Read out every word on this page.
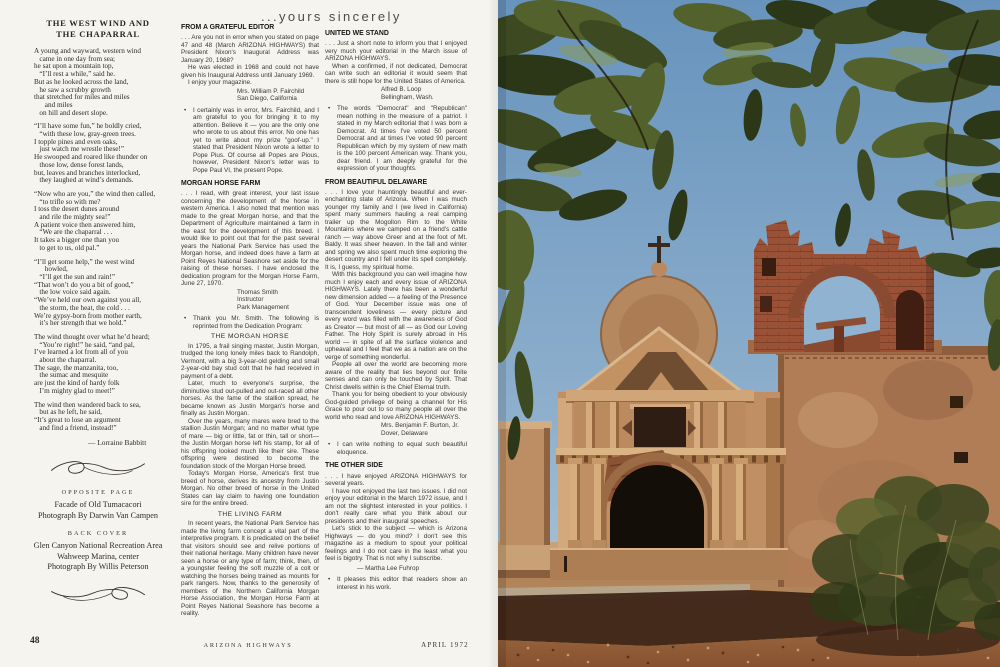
THE WEST WIND AND
THE CHAPARRAL
A young and wayward, western wind
came in one day from sea;
he sat upon a mountain top,
“I’ll rest a while,” said he.
But as he looked across the land,
he saw a scrubby growth
that stretched for miles and miles
and miles
on hill and desert slope.
“I’ll have some fun,” he boldly cried,
“with these low, gray-green trees.
I topple pines and even oaks,
just watch me wrestle these!”
He swooped and roared like thunder on
those low, dense forest lands,
but, leaves and branches interlocked,
they laughed at wind’s demands.
“Now who are you,” the wind then called,
“to trifle so with me?
I toss the desert dunes around
and rile the mighty sea!”
A patient voice then answered him,
“We are the chaparral . . .
It takes a bigger one than you
to get to us, old pal.”
“I’ll get some help,” the west wind
howled,
“I’ll get the sun and rain!”
“That won’t do you a bit of good,”
the low voice said again.
“We’ve held our own against you all,
the storm, the heat, the cold . . .
We’re gypsy-born from mother earth,
it’s her strength that we hold.”
The wind thought over what he’d heard;
“You’re right!” he said, “and pal,
I’ve learned a lot from all of you
about the chaparral.
The sage, the manzanita, too,
the sumac and mesquite
are just the kind of hardy folk
I’m mighty glad to meet!”
The wind then wandered back to sea,
but as he left, he said,
“It’s great to lose an argument
and find a friend, instead!”
— Lorraine Babbitt
OPPOSITE PAGE
Facade of Old Tumacacori
Photograph By Darwin Van Campen
BACK COVER
Glen Canyon National Recreation Area
Wahweep Marina, center
Photograph By Willis Peterson
...yours sincerely
FROM A GRATEFUL EDITOR
. . . Are you not in error when you stated on page 47 and 48 (March ARIZONA HIGHWAYS) that President Nixon's Inaugural Address was January 20, 1968?
He was elected in 1968 and could not have given his Inaugural Address until January 1969.
I enjoy your magazine.
Mrs. William P. Fairchild
San Diego, California
• I certainly was in error, Mrs. Fairchild, and I am grateful to you for bringing it to my attention. Believe it — you are the only one who wrote to us about this error. No one has yet to write about my prize "goof-up." I stated that President Nixon wrote a letter to Pope Pius. Of course all Popes are Pious, however, President Nixon's letter was to Pope Paul VI, the present Pope.
MORGAN HORSE FARM
. . . I read, with great interest, your last issue concerning the development of the horse in western America. I also noted that mention was made to the great Morgan horse, and that the Department of Agriculture maintained a farm in the east for the development of this breed. I would like to point out that for the past several years the National Park Service has used the Morgan horse, and indeed does have a farm at Point Reyes National Seashore set aside for the raising of these horses. I have enclosed the dedication program for the Morgan Horse Farm, June 27, 1970.
Thomas Smith
Instructor
Park Management
• Thank you Mr. Smith. The following is reprinted from the Dedication Program:
THE MORGAN HORSE
In 1795, a frail singing master, Justin Morgan, trudged the long lonely miles back to Randolph, Vermont, with a big 3-year-old gelding and small 2-year-old bay stud colt that he had received in payment of a debt.
Later, much to everyone's surprise, the diminutive stud out-pulled and out-raced all other horses. As the fame of the stallion spread, he became known as Justin Morgan's horse and finally as Justin Morgan.
Over the years, many mares were bred to the stallion Justin Morgan; and no matter what type of mare — big or little, fat or thin, tall or short—the Justin Morgan horse left his stamp, for all of his offspring looked much like their sire. These offspring were destined to become the foundation stock of the Morgan Horse breed.
Today's Morgan Horse, America's first true breed of horse, derives its ancestry from Justin Morgan. No other breed of horse in the United States can lay claim to having one foundation sire for the entire breed.
THE LIVING FARM
In recent years, the National Park Service has made the living farm concept a vital part of the interpretive program. It is predicated on the belief that visitors should see and relive portions of their national heritage. Many children have never seen a horse or any type of farm; think, then, of a youngster feeling the soft muzzle of a colt or watching the horses being trained as mounts for park rangers. Now, thanks to the generosity of members of the Northern California Morgan Horse Association, the Morgan Horse Farm at Point Reyes National Seashore has become a reality.
UNITED WE STAND
. . . Just a short note to inform you that I enjoyed very much your editorial in the March issue of ARIZONA HIGHWAYS.
When a confirmed, if not dedicated, Democrat can write such an editorial it would seem that there is still hope for the United States of America.
Alfred B. Loop
Bellingham, Wash.
• The words "Democrat" and "Republican" mean nothing in the measure of a patriot. I stated in my March editorial that I was born a Democrat. At times I've voted 50 percent Democrat and at times I've voted 90 percent Republican which by my system of new math is the 100 percent American way. Thank you, dear friend. I am deeply grateful for the expression of your thoughts.
FROM BEAUTIFUL DELAWARE
. . . I love your hauntingly beautiful and ever-enchanting state of Arizona. When I was much younger my family and I (we lived in California) spent many summers hauling a real camping trailer up the Mogollon Rim to the White Mountains where we camped on a friend's cattle ranch — way above Greer and at the foot of Mt. Baldy. It was sheer heaven. In the fall and winter and spring we also spent much time exploring the desert country and I fell under its spell completely. It is, I guess, my spiritual home.
With this background you can well imagine how much I enjoy each and every issue of ARIZONA HIGHWAYS. Lately there has been a wonderful new dimension added — a feeling of the Presence of God. Your December issue was one of transcendent loveliness — every picture and every word was filled with the awareness of God as Creator — but most of all — as God our Loving Father. The Holy Spirit is surely abroad in His world — in spite of all the surface violence and upheaval and I feel that we as a nation are on the verge of something wonderful.
People all over the world are becoming more aware of the reality that lies beyond our finite senses and can only be touched by Spirit. That Christ dwells within is the Chief Eternal truth.
Thank you for being obedient to your obviously God-guided privilege of being a channel for His Grace to pour out to so many people all over the world who read and love ARIZONA HIGHWAYS.
Mrs. Benjamin F. Burton, Jr.
Dover, Delaware
• I can write nothing to equal such beautiful eloquence.
THE OTHER SIDE
. . . I have enjoyed ARIZONA HIGHWAYS for several years.
I have not enjoyed the last two issues. I did not enjoy your editorial in the March 1972 issue, and I am not the slightest interested in your politics. I don't really care what you think about our presidents and their inaugural speeches.
Let's stick to the subject — which is Arizona Highways — do you mind? I don't see this magazine as a medium to spout your political feelings and I do not care in the least what you feel is bigotry. That is not why I subscribe.
— Martha Lee Fuhrop
• It pleases this editor that readers show an interest in his work.
48	ARIZONA HIGHWAYS	APRIL 1972
